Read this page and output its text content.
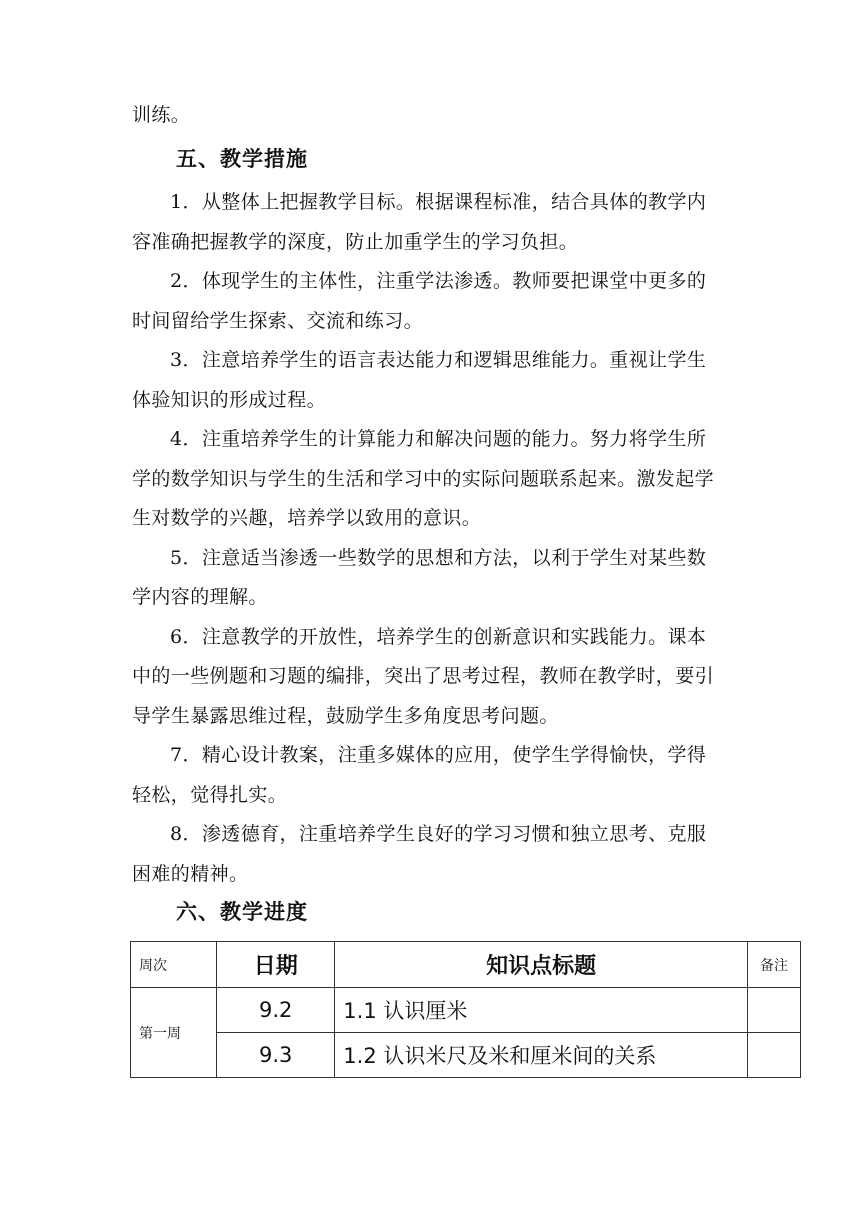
训练。
五、教学措施
1．从整体上把握教学目标。根据课程标准，结合具体的教学内
容准确把握教学的深度，防止加重学生的学习负担。
2．体现学生的主体性，注重学法渗透。教师要把课堂中更多的
时间留给学生探索、交流和练习。
3．注意培养学生的语言表达能力和逻辑思维能力。重视让学生
体验知识的形成过程。
4．注重培养学生的计算能力和解决问题的能力。努力将学生所
学的数学知识与学生的生活和学习中的实际问题联系起来。激发起学
生对数学的兴趣，培养学以致用的意识。
5．注意适当渗透一些数学的思想和方法，以利于学生对某些数
学内容的理解。
6．注意教学的开放性，培养学生的创新意识和实践能力。课本
中的一些例题和习题的编排，突出了思考过程，教师在教学时，要引
导学生暴露思维过程，鼓励学生多角度思考问题。
7．精心设计教案，注重多媒体的应用，使学生学得愉快，学得
轻松，觉得扎实。
8．渗透德育，注重培养学生良好的学习习惯和独立思考、克服
困难的精神。
六、教学进度
周次	日期	知识点标题	备注
第一周	9.2	1.1 认识厘米	
	9.3	1.2 认识米尺及米和厘米间的关系	
